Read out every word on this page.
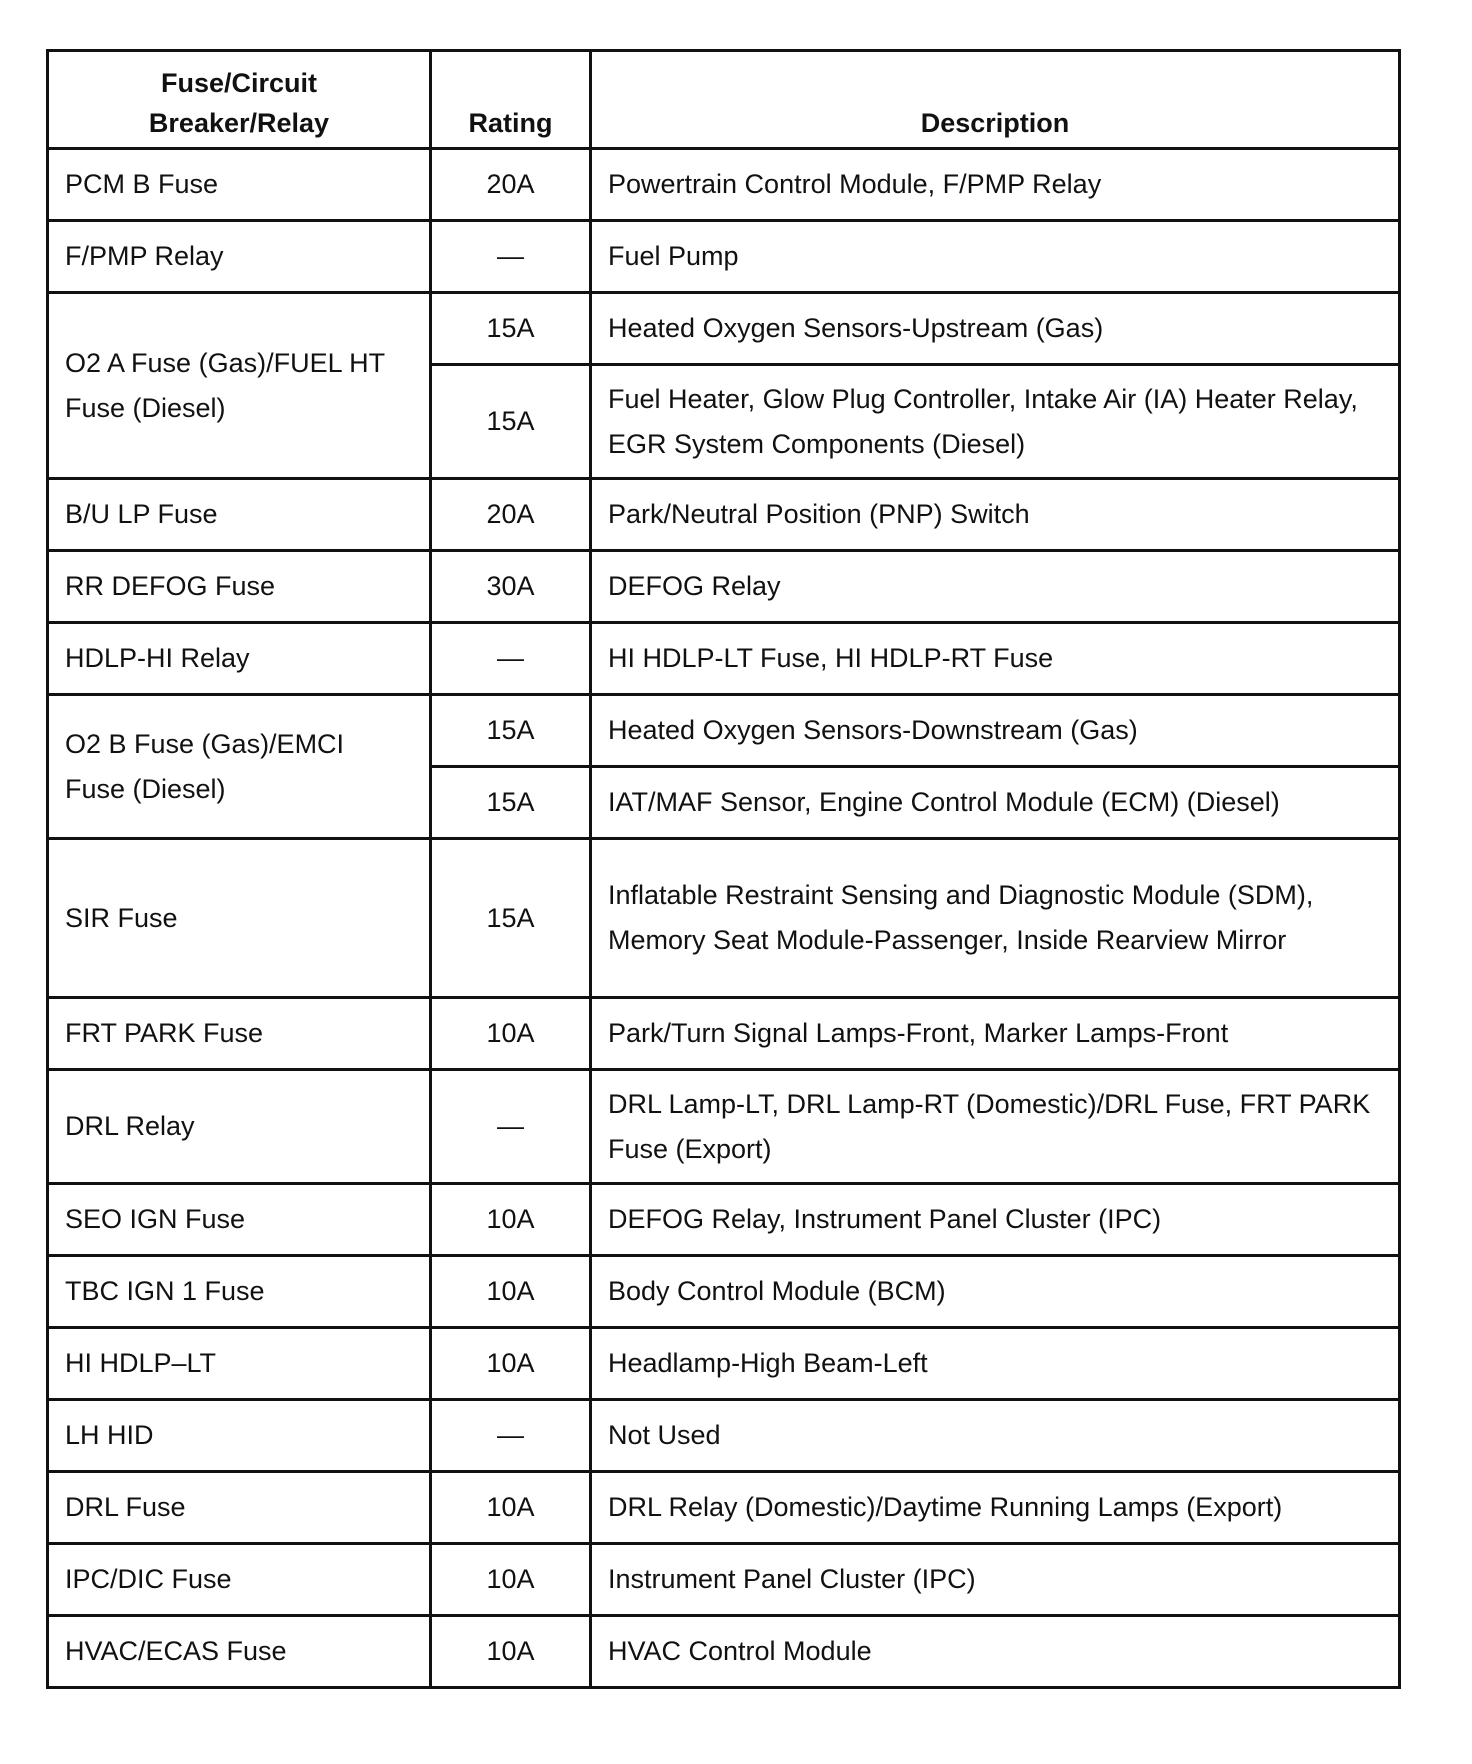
Fuse/Circuit Breaker/Relay	Rating	Description
PCM B Fuse	20A	Powertrain Control Module, F/PMP Relay
F/PMP Relay	—	Fuel Pump
O2 A Fuse (Gas)/FUEL HT Fuse (Diesel)	15A	Heated Oxygen Sensors-Upstream (Gas)
	15A	Fuel Heater, Glow Plug Controller, Intake Air (IA) Heater Relay, EGR System Components (Diesel)
B/U LP Fuse	20A	Park/Neutral Position (PNP) Switch
RR DEFOG Fuse	30A	DEFOG Relay
HDLP-HI Relay	—	HI HDLP-LT Fuse, HI HDLP-RT Fuse
O2 B Fuse (Gas)/EMCI Fuse (Diesel)	15A	Heated Oxygen Sensors-Downstream (Gas)
	15A	IAT/MAF Sensor, Engine Control Module (ECM) (Diesel)
SIR Fuse	15A	Inflatable Restraint Sensing and Diagnostic Module (SDM), Memory Seat Module-Passenger, Inside Rearview Mirror
FRT PARK Fuse	10A	Park/Turn Signal Lamps-Front, Marker Lamps-Front
DRL Relay	—	DRL Lamp-LT, DRL Lamp-RT (Domestic)/DRL Fuse, FRT PARK Fuse (Export)
SEO IGN Fuse	10A	DEFOG Relay, Instrument Panel Cluster (IPC)
TBC IGN 1 Fuse	10A	Body Control Module (BCM)
HI HDLP–LT	10A	Headlamp-High Beam-Left
LH HID	—	Not Used
DRL Fuse	10A	DRL Relay (Domestic)/Daytime Running Lamps (Export)
IPC/DIC Fuse	10A	Instrument Panel Cluster (IPC)
HVAC/ECAS Fuse	10A	HVAC Control Module
